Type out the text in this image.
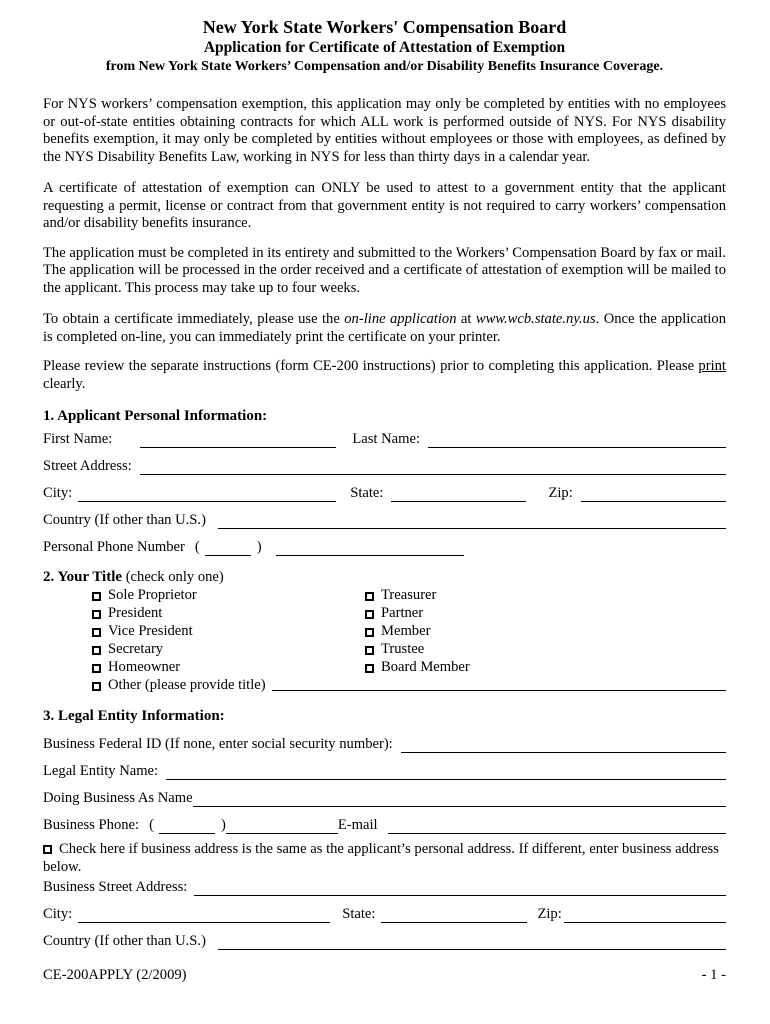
New York State Workers' Compensation Board
Application for Certificate of Attestation of Exemption
from New York State Workers’ Compensation and/or Disability Benefits Insurance Coverage.

For NYS workers’ compensation exemption, this application may only be completed by entities with no employees or out-of-state entities obtaining contracts for which ALL work is performed outside of NYS. For NYS disability benefits exemption, it may only be completed by entities without employees or those with employees, as defined by the NYS Disability Benefits Law, working in NYS for less than thirty days in a calendar year.

A certificate of attestation of exemption can ONLY be used to attest to a government entity that the applicant requesting a permit, license or contract from that government entity is not required to carry workers’ compensation and/or disability benefits insurance.

The application must be completed in its entirety and submitted to the Workers’ Compensation Board by fax or mail. The application will be processed in the order received and a certificate of attestation of exemption will be mailed to the applicant. This process may take up to four weeks.

To obtain a certificate immediately, please use the on-line application at www.wcb.state.ny.us. Once the application is completed on-line, you can immediately print the certificate on your printer.

Please review the separate instructions (form CE-200 instructions) prior to completing this application. Please print clearly.

1. Applicant Personal Information:
First Name:	Last Name:
Street Address:
City:	State:	Zip:
Country (If other than U.S.)
Personal Phone Number (	)
2. Your Title (check only one)
Sole Proprietor	Treasurer
President	Partner
Vice President	Member
Secretary	Trustee
Homeowner	Board Member
Other (please provide title)
3. Legal Entity Information:
Business Federal ID (If none, enter social security number):
Legal Entity Name:
Doing Business As Name
Business Phone: (	)	E-mail

Check here if business address is the same as the applicant’s personal address. If different, enter business address below.

Business Street Address:
City:	State:	Zip:
Country (If other than U.S.)
CE-200APPLY (2/2009)	- 1 -
